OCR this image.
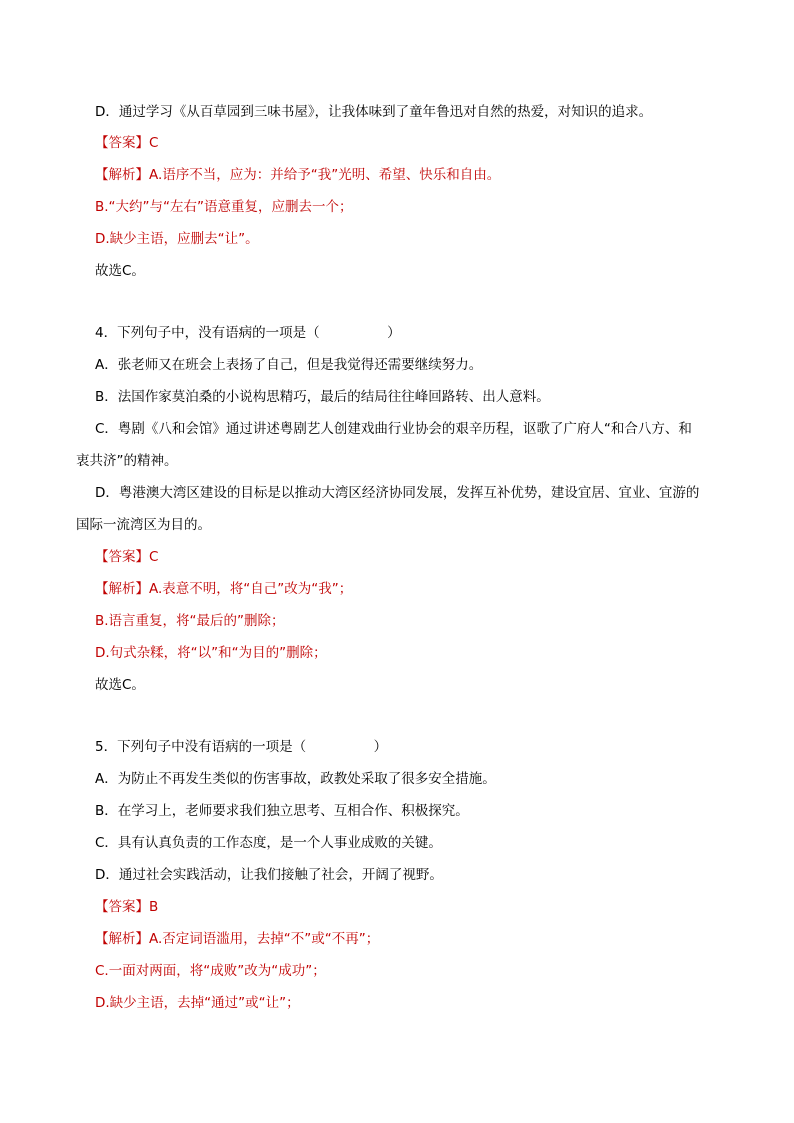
D．通过学习《从百草园到三味书屋》，让我体味到了童年鲁迅对自然的热爱，对知识的追求。
【答案】C
【解析】A.语序不当，应为：并给予“我”光明、希望、快乐和自由。
B.“大约”与“左右”语意重复，应删去一个；
D.缺少主语，应删去“让”。
故选C。
4．下列句子中，没有语病的一项是（　　　　　）
A．张老师又在班会上表扬了自己，但是我觉得还需要继续努力。
B．法国作家莫泊桑的小说构思精巧，最后的结局往往峰回路转、出人意料。
C．粤剧《八和会馆》通过讲述粤剧艺人创建戏曲行业协会的艰辛历程，讴歌了广府人“和合八方、和
衷共济”的精神。
D．粤港澳大湾区建设的目标是以推动大湾区经济协同发展，发挥互补优势，建设宜居、宜业、宜游的
国际一流湾区为目的。
【答案】C
【解析】A.表意不明，将“自己”改为“我”；
B.语言重复，将“最后的”删除；
D.句式杂糅，将“以”和“为目的”删除；
故选C。
5．下列句子中没有语病的一项是（　　　　　）
A．为防止不再发生类似的伤害事故，政教处采取了很多安全措施。
B．在学习上，老师要求我们独立思考、互相合作、积极探究。
C．具有认真负责的工作态度，是一个人事业成败的关键。
D．通过社会实践活动，让我们接触了社会，开阔了视野。
【答案】B
【解析】A.否定词语滥用，去掉“不”或“不再”；
C.一面对两面，将“成败”改为“成功”；
D.缺少主语，去掉“通过”或“让”；
